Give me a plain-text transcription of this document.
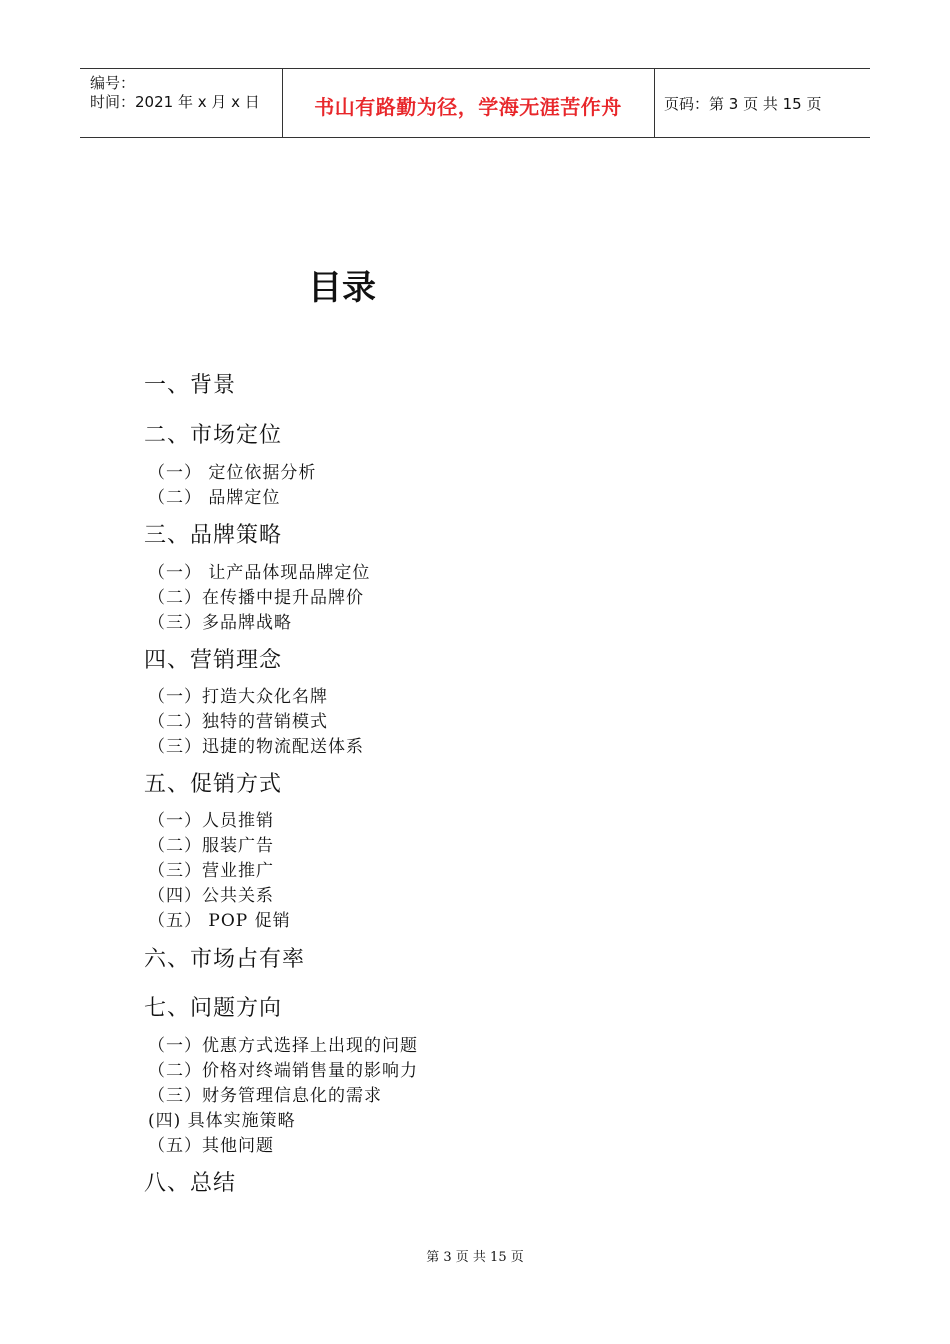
编号：
时间：2021 年 x 月 x 日	书山有路勤为径，学海无涯苦作舟	页码：第 3 页 共 15 页
目录
一、背景
二、市场定位
（一） 定位依据分析
（二） 品牌定位
三、品牌策略
（一） 让产品体现品牌定位
（二）在传播中提升品牌价
（三）多品牌战略
四、营销理念
（一）打造大众化名牌
（二）独特的营销模式
（三）迅捷的物流配送体系
五、促销方式
（一）人员推销
（二）服装广告
（三）营业推广
（四）公共关系
（五） POP 促销
六、市场占有率
七、问题方向
（一）优惠方式选择上出现的问题
（二）价格对终端销售量的影响力
（三）财务管理信息化的需求
(四) 具体实施策略
（五）其他问题
八、总结
第 3 页 共 15 页
